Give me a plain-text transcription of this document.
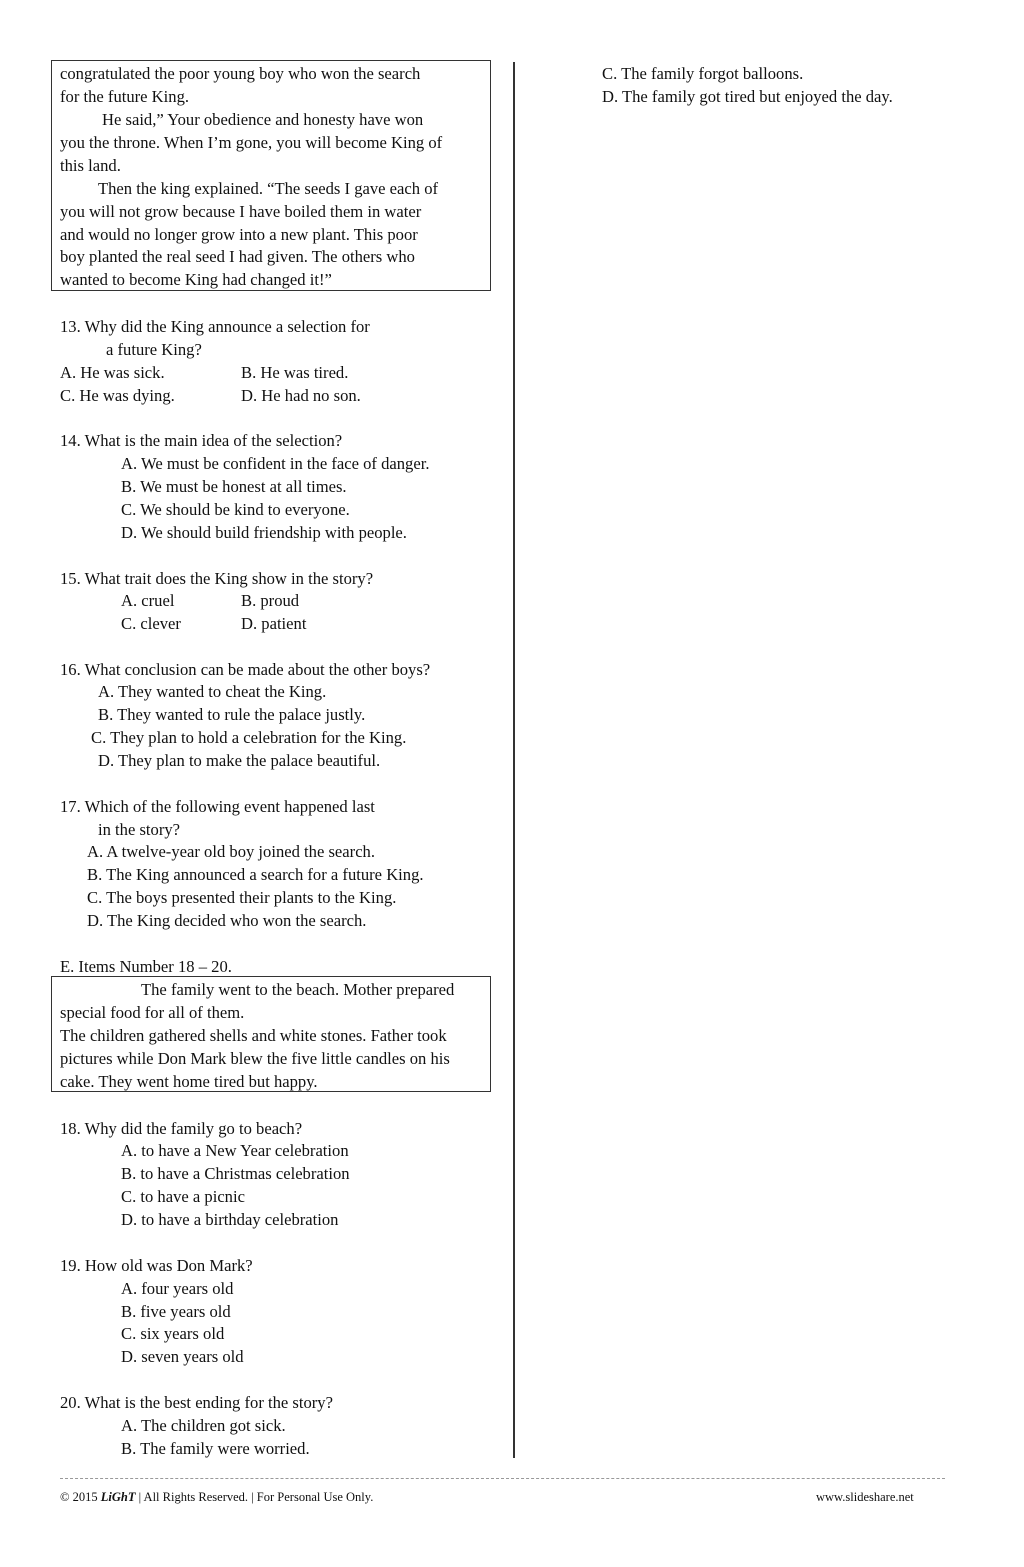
congratulated the poor young boy who won the search
for the future King.
He said,” Your obedience and honesty have won
you the throne. When I’m gone, you will become King of
this land.
Then the king explained. “The seeds I gave each of
you will not grow because I have boiled them in water
and would no longer grow into a new plant. This poor
boy planted the real seed I had given. The others who
wanted to become King had changed it!”
13. Why did the King announce a selection for
a future King?
A. He was sick.	B. He was tired.
C. He was dying.	D. He had no son.
14. What is the main idea of the selection?
A. We must be confident in the face of danger.
B. We must be honest at all times.
C. We should be kind to everyone.
D. We should build friendship with people.
15. What trait does the King show in the story?
A. cruel	B. proud
C. clever	D. patient
16. What conclusion can be made about the other boys?
A. They wanted to cheat the King.
B. They wanted to rule the palace justly.
C. They plan to hold a celebration for the King.
D. They plan to make the palace beautiful.
17. Which of the following event happened last
in the story?
A. A twelve-year old boy joined the search.
B. The King announced a search for a future King.
C. The boys presented their plants to the King.
D. The King decided who won the search.
E. Items Number 18 – 20.
The family went to the beach. Mother prepared
special food for all of them.
The children gathered shells and white stones. Father took
pictures while Don Mark blew the five little candles on his
cake. They went home tired but happy.
18. Why did the family go to beach?
A. to have a New Year celebration
B. to have a Christmas celebration
C. to have a picnic
D. to have a birthday celebration
19. How old was Don Mark?
A. four years old
B. five years old
C. six years old
D. seven years old
20. What is the best ending for the story?
A. The children got sick.
B. The family were worried.
C. The family forgot balloons.
D. The family got tired but enjoyed the day.
© 2015 LiGhT | All Rights Reserved. | For Personal Use Only.	www.slideshare.net
